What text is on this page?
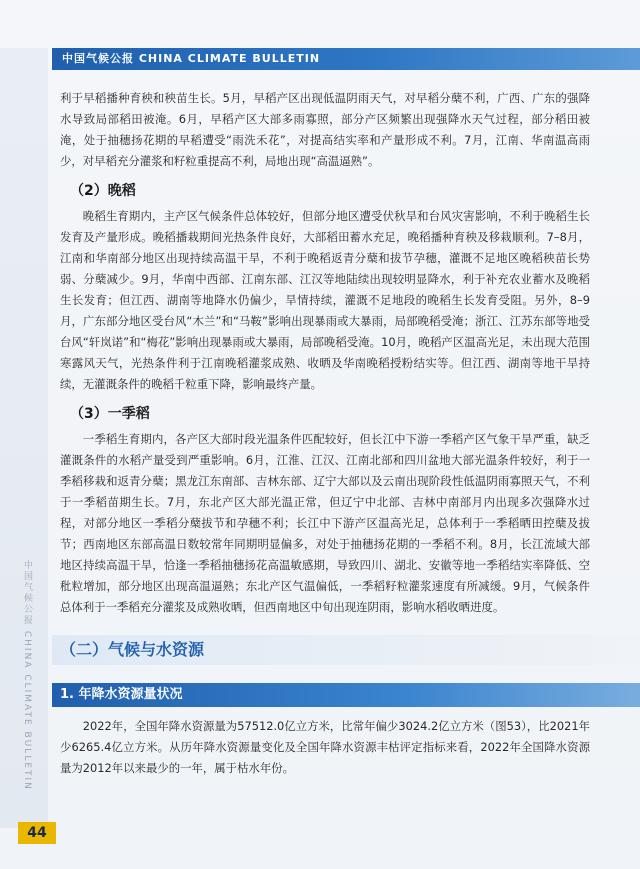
中国气候公报 CHINA CLIMATE BULLETIN
中国气候公报 CHINA CLIMATE BULLETIN

利于早稻播种育秧和秧苗生长。5月，早稻产区出现低温阴雨天气，对早稻分蘖不利，广西、广东的强降水导致局部稻田被淹。6月，早稻产区大部多雨寡照，部分产区频繁出现强降水天气过程，部分稻田被淹，处于抽穗扬花期的早稻遭受“雨洗禾花”，对提高结实率和产量形成不利。7月，江南、华南温高雨少，对早稻充分灌浆和籽粒重提高不利，局地出现“高温逼熟”。

（2）晚稻

晚稻生育期内，主产区气候条件总体较好，但部分地区遭受伏秋旱和台风灾害影响，不利于晚稻生长发育及产量形成。晚稻播栽期间光热条件良好，大部稻田蓄水充足，晚稻播种育秧及移栽顺利。7–8月，江南和华南部分地区出现持续高温干旱，不利于晚稻返青分蘖和拔节孕穗，灌溉不足地区晚稻秧苗长势弱、分蘖减少。9月，华南中西部、江南东部、江汉等地陆续出现较明显降水，利于补充农业蓄水及晚稻生长发育；但江西、湖南等地降水仍偏少，旱情持续，灌溉不足地段的晚稻生长发育受阻。另外，8–9月，广东部分地区受台风“木兰”和“马鞍”影响出现暴雨或大暴雨，局部晚稻受淹；浙江、江苏东部等地受台风“轩岚诺”和“梅花”影响出现暴雨或大暴雨，局部晚稻受淹。10月，晚稻产区温高光足，未出现大范围寒露风天气，光热条件利于江南晚稻灌浆成熟、收晒及华南晚稻授粉结实等。但江西、湖南等地干旱持续，无灌溉条件的晚稻千粒重下降，影响最终产量。

（3）一季稻

一季稻生育期内，各产区大部时段光温条件匹配较好，但长江中下游一季稻产区气象干旱严重，缺乏灌溉条件的水稻产量受到严重影响。6月，江淮、江汉、江南北部和四川盆地大部光温条件较好，利于一季稻移栽和返青分蘖；黑龙江东南部、吉林东部、辽宁大部以及云南出现阶段性低温阴雨寡照天气，不利于一季稻苗期生长。7月，东北产区大部光温正常，但辽宁中北部、吉林中南部月内出现多次强降水过程，对部分地区一季稻分蘖拔节和孕穗不利；长江中下游产区温高光足，总体利于一季稻晒田控蘖及拔节；西南地区东部高温日数较常年同期明显偏多，对处于抽穗扬花期的一季稻不利。8月，长江流域大部地区持续高温干旱，恰逢一季稻抽穗扬花高温敏感期，导致四川、湖北、安徽等地一季稻结实率降低、空秕粒增加，部分地区出现高温逼熟；东北产区气温偏低，一季稻籽粒灌浆速度有所减缓。9月，气候条件总体利于一季稻充分灌浆及成熟收晒，但西南地区中旬出现连阴雨，影响水稻收晒进度。

（二）气候与水资源
1. 年降水资源量状况

2022年，全国年降水资源量为57512.0亿立方米，比常年偏少3024.2亿立方米（图53），比2021年少6265.4亿立方米。从历年降水资源量变化及全国年降水资源丰枯评定指标来看，2022年全国降水资源量为2012年以来最少的一年，属于枯水年份。

44
